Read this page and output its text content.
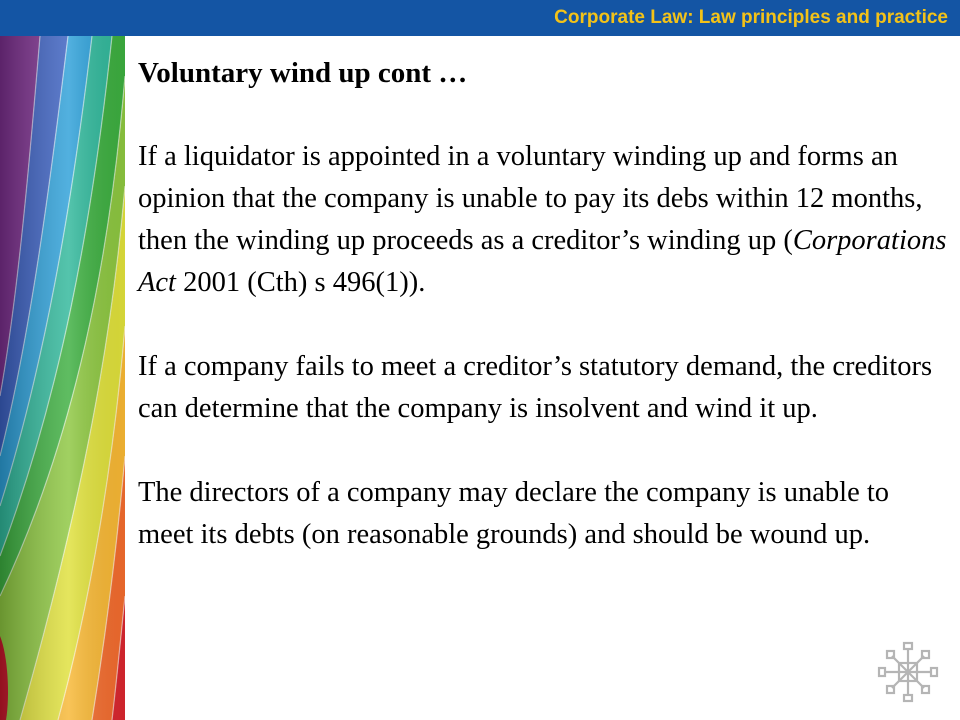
Corporate Law: Law principles and practice
Voluntary wind up cont …

If a liquidator is appointed in a voluntary winding up and forms an opinion that the company is unable to pay its debs within 12 months, then the winding up proceeds as a creditor’s winding up (Corporations Act 2001 (Cth) s 496(1)).

If a company fails to meet a creditor’s statutory demand, the creditors can determine that the company is insolvent and wind it up.

The directors of a company may declare the company is unable to meet its debts (on reasonable grounds) and should be wound up.
